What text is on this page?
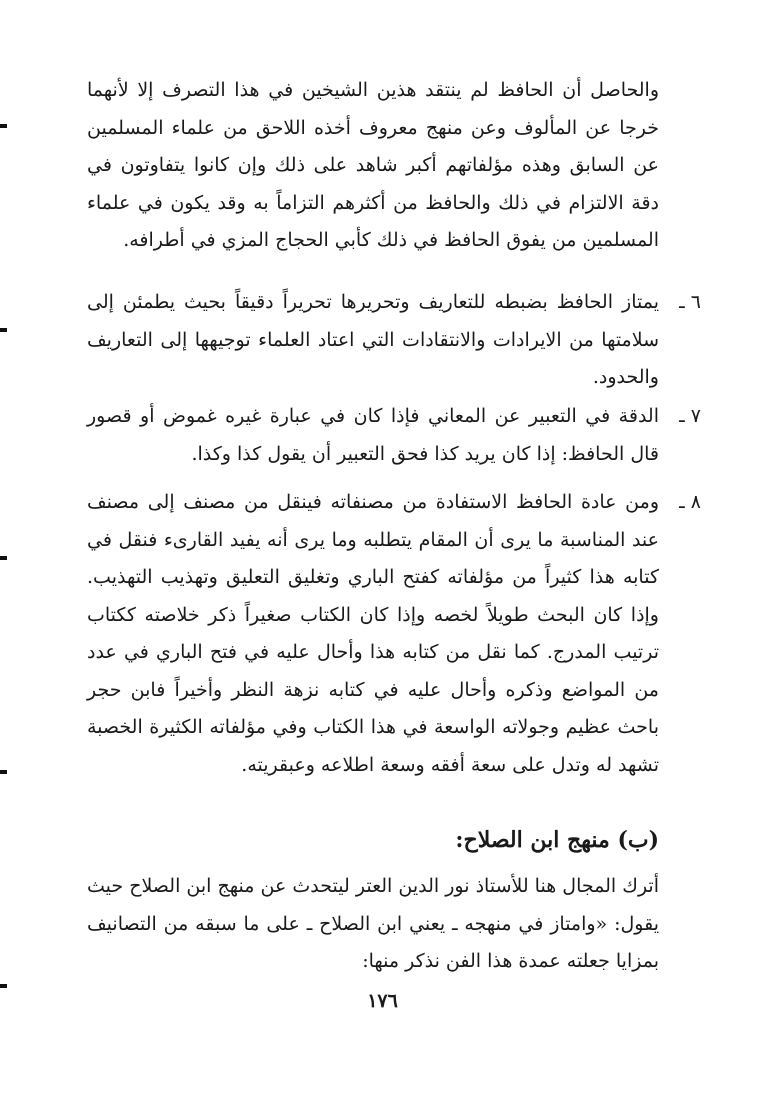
والحاصل أن الحافظ لم ينتقد هذين الشيخين في هذا التصرف إلا لأنهما خرجا عن المألوف وعن منهج معروف أخذه اللاحق من علماء المسلمين عن السابق وهذه مؤلفاتهم أكبر شاهد على ذلك وإن كانوا يتفاوتون في دقة الالتزام في ذلك والحافظ من أكثرهم التزاماً به وقد يكون في علماء المسلمين من يفوق الحافظ في ذلك كأبي الحجاج المزي في أطرافه.
٦ ـ
يمتاز الحافظ بضبطه للتعاريف وتحريرها تحريراً دقيقاً بحيث يطمئن إلى سلامتها من الايرادات والانتقادات التي اعتاد العلماء توجيهها إلى التعاريف والحدود.
٧ ـ
الدقة في التعبير عن المعاني فإذا كان في عبارة غيره غموض أو قصور قال الحافظ: إذا كان يريد كذا فحق التعبير أن يقول كذا وكذا.
٨ ـ
ومن عادة الحافظ الاستفادة من مصنفاته فينقل من مصنف إلى مصنف عند المناسبة ما يرى أن المقام يتطلبه وما يرى أنه يفيد القارىء فنقل في كتابه هذا كثيراً من مؤلفاته كفتح الباري وتغليق التعليق وتهذيب التهذيب. وإذا كان البحث طويلاً لخصه وإذا كان الكتاب صغيراً ذكر خلاصته ككتاب ترتيب المدرج. كما نقل من كتابه هذا وأحال عليه في فتح الباري في عدد من المواضع وذكره وأحال عليه في كتابه نزهة النظر وأخيراً فابن حجر باحث عظيم وجولاته الواسعة في هذا الكتاب وفي مؤلفاته الكثيرة الخصبة تشهد له وتدل على سعة أفقه وسعة اطلاعه وعبقريته.
(ب) منهج ابن الصلاح:
أترك المجال هنا للأستاذ نور الدين العتر ليتحدث عن منهج ابن الصلاح حيث يقول: «وامتاز في منهجه ـ يعني ابن الصلاح ـ على ما سبقه من التصانيف بمزايا جعلته عمدة هذا الفن نذكر منها:
١٧٦
